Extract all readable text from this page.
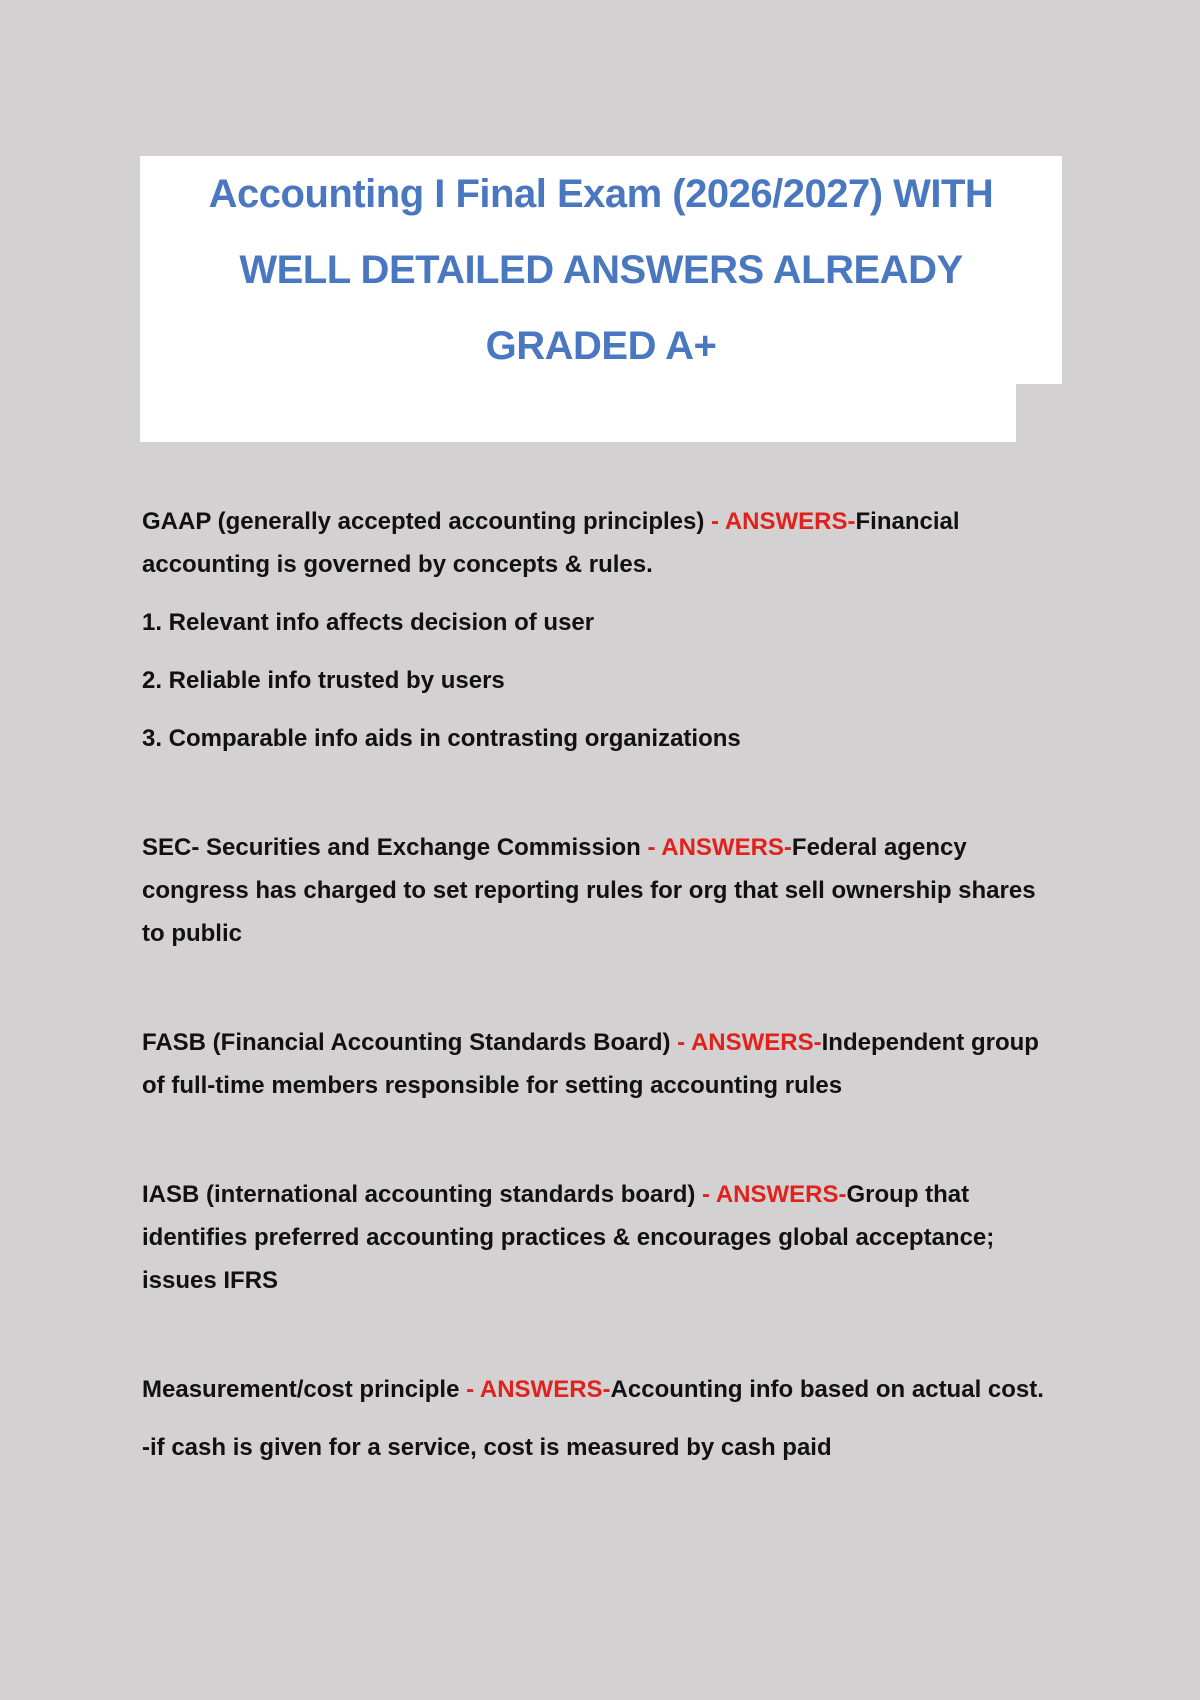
Accounting I Final Exam (2026/2027) WITH
WELL DETAILED ANSWERS ALREADY
GRADED A+

GAAP (generally accepted accounting principles) - ANSWERS-Financial accounting is governed by concepts & rules.

1. Relevant info affects decision of user

2. Reliable info trusted by users

3. Comparable info aids in contrasting organizations

SEC- Securities and Exchange Commission - ANSWERS-Federal agency congress has charged to set reporting rules for org that sell ownership shares to public

FASB (Financial Accounting Standards Board) - ANSWERS-Independent group of full-time members responsible for setting accounting rules

IASB (international accounting standards board) - ANSWERS-Group that identifies preferred accounting practices & encourages global acceptance; issues IFRS

Measurement/cost principle - ANSWERS-Accounting info based on actual cost.

-if cash is given for a service, cost is measured by cash paid
